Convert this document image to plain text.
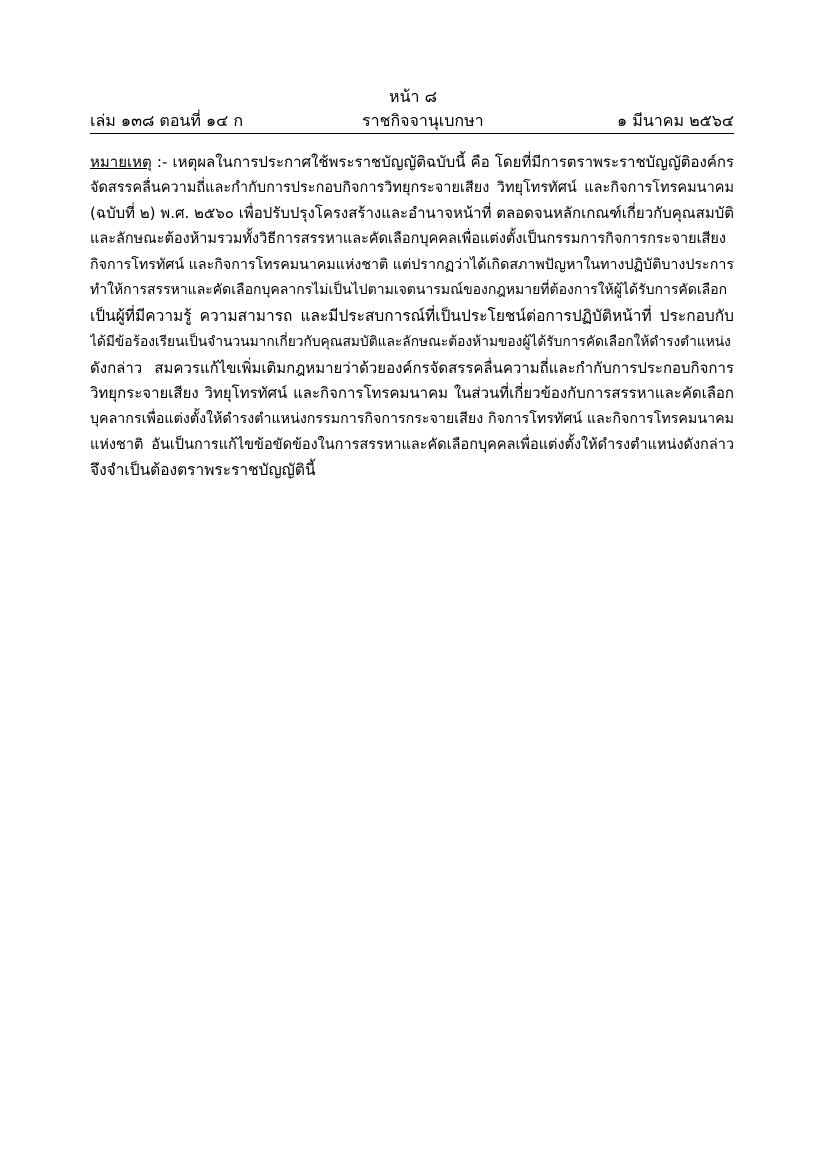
หน้า ๘
เล่ม ๑๓๘ ตอนที่ ๑๔ ก	ราชกิจจานุเบกษา	๑ มีนาคม ๒๕๖๔
หมายเหตุ :- เหตุผลในการประกาศใช้พระราชบัญญัติฉบับนี้ คือ โดยที่มีการตราพระราชบัญญัติองค์กร
จัดสรรคลื่นความถี่และกำกับการประกอบกิจการวิทยุกระจายเสียง วิทยุโทรทัศน์ และกิจการโทรคมนาคม
(ฉบับที่ ๒) พ.ศ. ๒๕๖๐ เพื่อปรับปรุงโครงสร้างและอำนาจหน้าที่ ตลอดจนหลักเกณฑ์เกี่ยวกับคุณสมบัติ
และลักษณะต้องห้ามรวมทั้งวิธีการสรรหาและคัดเลือกบุคคลเพื่อแต่งตั้งเป็นกรรมการกิจการกระจายเสียง
กิจการโทรทัศน์ และกิจการโทรคมนาคมแห่งชาติ แต่ปรากฏว่าได้เกิดสภาพปัญหาในทางปฏิบัติบางประการ
ทำให้การสรรหาและคัดเลือกบุคลากรไม่เป็นไปตามเจตนารมณ์ของกฎหมายที่ต้องการให้ผู้ได้รับการคัดเลือก
เป็นผู้ที่มีความรู้ ความสามารถ และมีประสบการณ์ที่เป็นประโยชน์ต่อการปฏิบัติหน้าที่ ประกอบกับ
ได้มีข้อร้องเรียนเป็นจำนวนมากเกี่ยวกับคุณสมบัติและลักษณะต้องห้ามของผู้ได้รับการคัดเลือกให้ดำรงตำแหน่ง
ดังกล่าว สมควรแก้ไขเพิ่มเติมกฎหมายว่าด้วยองค์กรจัดสรรคลื่นความถี่และกำกับการประกอบกิจการ
วิทยุกระจายเสียง วิทยุโทรทัศน์ และกิจการโทรคมนาคม ในส่วนที่เกี่ยวข้องกับการสรรหาและคัดเลือก
บุคลากรเพื่อแต่งตั้งให้ดำรงตำแหน่งกรรมการกิจการกระจายเสียง กิจการโทรทัศน์ และกิจการโทรคมนาคม
แห่งชาติ อันเป็นการแก้ไขข้อขัดข้องในการสรรหาและคัดเลือกบุคคลเพื่อแต่งตั้งให้ดำรงตำแหน่งดังกล่าว
จึงจำเป็นต้องตราพระราชบัญญัตินี้
